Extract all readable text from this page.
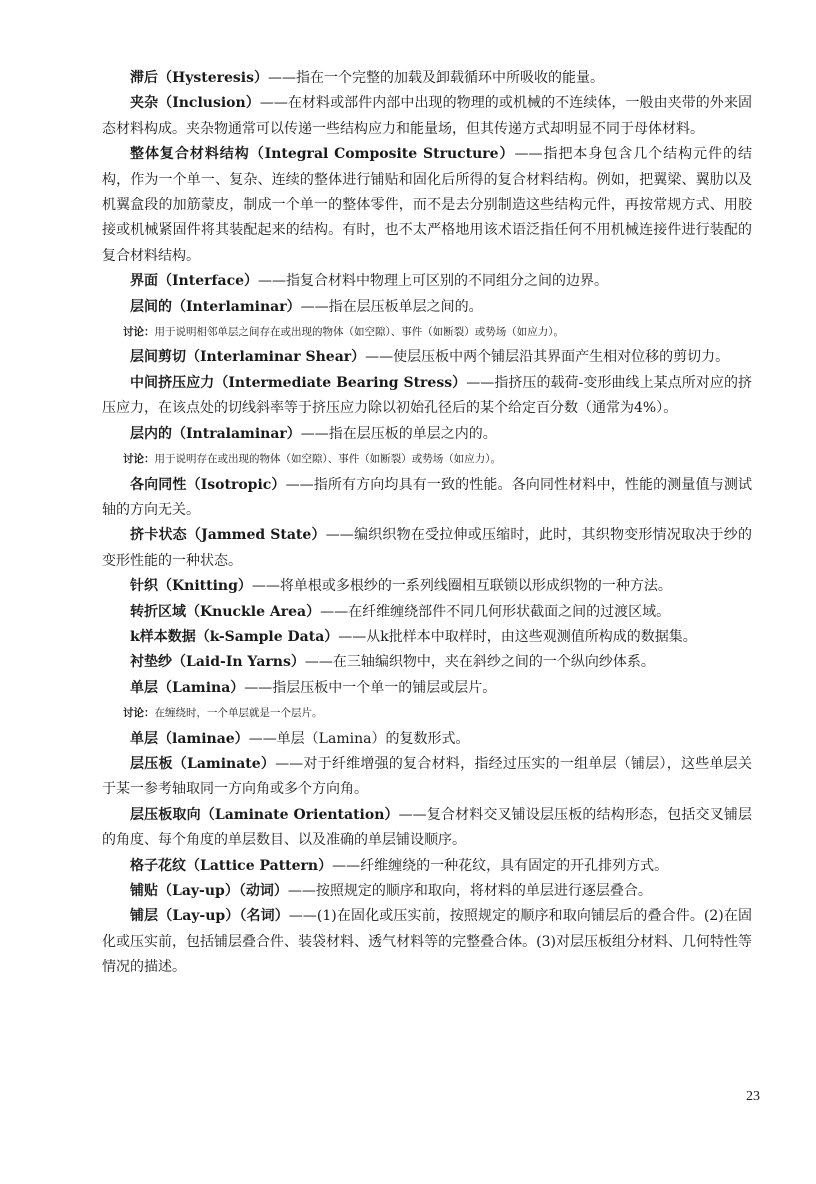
滞后（Hysteresis）——指在一个完整的加载及卸载循环中所吸收的能量。

夹杂（Inclusion）——在材料或部件内部中出现的物理的或机械的不连续体，一般由夹带的外来固态材料构成。夹杂物通常可以传递一些结构应力和能量场，但其传递方式却明显不同于母体材料。

整体复合材料结构（Integral Composite Structure）——指把本身包含几个结构元件的结构，作为一个单一、复杂、连续的整体进行铺贴和固化后所得的复合材料结构。例如，把翼梁、翼肋以及机翼盒段的加筋蒙皮，制成一个单一的整体零件，而不是去分别制造这些结构元件，再按常规方式、用胶接或机械紧固件将其装配起来的结构。有时，也不太严格地用该术语泛指任何不用机械连接件进行装配的复合材料结构。

界面（Interface）——指复合材料中物理上可区别的不同组分之间的边界。

层间的（Interlaminar）——指在层压板单层之间的。

讨论：用于说明相邻单层之间存在或出现的物体（如空隙）、事件（如断裂）或势场（如应力）。

层间剪切（Interlaminar Shear）——使层压板中两个铺层沿其界面产生相对位移的剪切力。

中间挤压应力（Intermediate Bearing Stress）——指挤压的载荷-变形曲线上某点所对应的挤压应力，在该点处的切线斜率等于挤压应力除以初始孔径后的某个给定百分数（通常为4%）。

层内的（Intralaminar）——指在层压板的单层之内的。

讨论：用于说明存在或出现的物体（如空隙）、事件（如断裂）或势场（如应力）。

各向同性（Isotropic）——指所有方向均具有一致的性能。各向同性材料中，性能的测量值与测试轴的方向无关。

挤卡状态（Jammed State）——编织织物在受拉伸或压缩时，此时，其织物变形情况取决于纱的变形性能的一种状态。

针织（Knitting）——将单根或多根纱的一系列线圈相互联锁以形成织物的一种方法。

转折区域（Knuckle Area）——在纤维缠绕部件不同几何形状截面之间的过渡区域。

k样本数据（k-Sample Data）——从k批样本中取样时，由这些观测值所构成的数据集。

衬垫纱（Laid-In Yarns）——在三轴编织物中，夹在斜纱之间的一个纵向纱体系。

单层（Lamina）——指层压板中一个单一的铺层或层片。

讨论：在缠绕时，一个单层就是一个层片。

单层（laminae）——单层（Lamina）的复数形式。

层压板（Laminate）——对于纤维增强的复合材料，指经过压实的一组单层（铺层），这些单层关于某一参考轴取同一方向角或多个方向角。

层压板取向（Laminate Orientation）——复合材料交叉铺设层压板的结构形态，包括交叉铺层的角度、每个角度的单层数目、以及准确的单层铺设顺序。

格子花纹（Lattice Pattern）——纤维缠绕的一种花纹，具有固定的开孔排列方式。

铺贴（Lay-up）（动词）——按照规定的顺序和取向，将材料的单层进行逐层叠合。

铺层（Lay-up）（名词）——(1)在固化或压实前，按照规定的顺序和取向铺层后的叠合件。(2)在固化或压实前，包括铺层叠合件、装袋材料、透气材料等的完整叠合体。(3)对层压板组分材料、几何特性等情况的描述。

23
